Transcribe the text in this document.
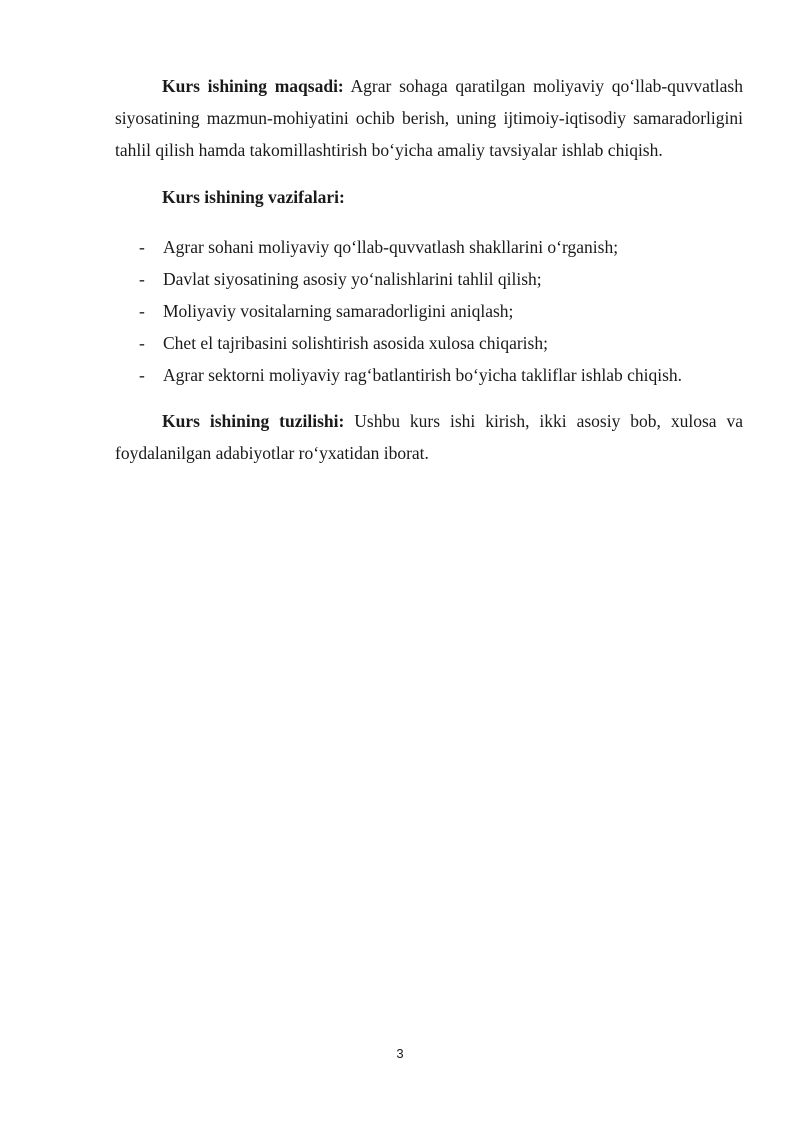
Kurs ishining maqsadi: Agrar sohaga qaratilgan moliyaviy qo‘llab-quvvatlash siyosatining mazmun-mohiyatini ochib berish, uning ijtimoiy-iqtisodiy samaradorligini tahlil qilish hamda takomillashtirish bo‘yicha amaliy tavsiyalar ishlab chiqish.

Kurs ishining vazifalari:
- Agrar sohani moliyaviy qo‘llab-quvvatlash shakllarini o‘rganish;
- Davlat siyosatining asosiy yo‘nalishlarini tahlil qilish;
- Moliyaviy vositalarning samaradorligini aniqlash;
- Chet el tajribasini solishtirish asosida xulosa chiqarish;
- Agrar sektorni moliyaviy rag‘batlantirish bo‘yicha takliflar ishlab chiqish.

Kurs ishining tuzilishi: Ushbu kurs ishi kirish, ikki asosiy bob, xulosa va foydalanilgan adabiyotlar ro‘yxatidan iborat.

3
